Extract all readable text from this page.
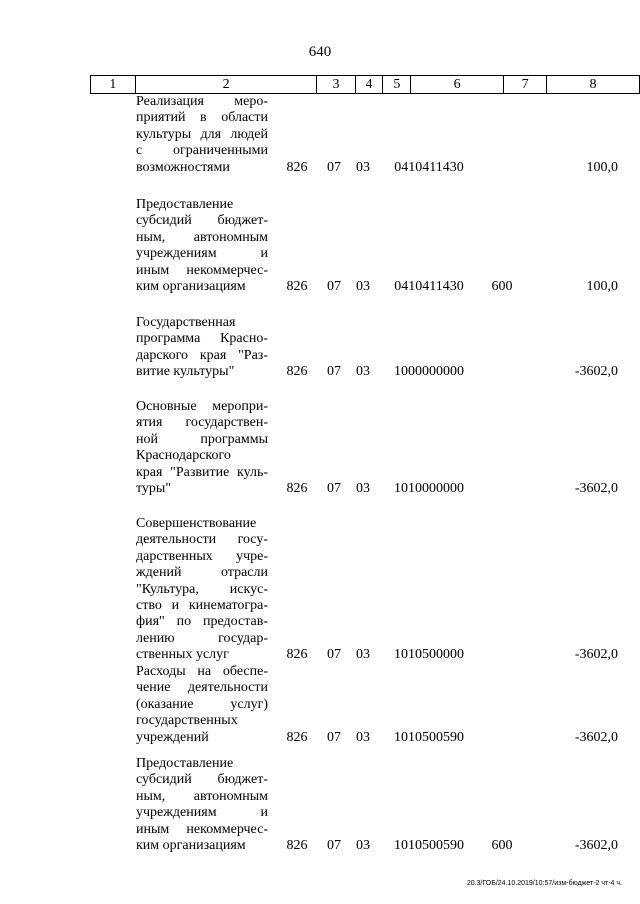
640
1	2	3	4	5	6	7	8
Реализация меро-
приятий в области
культуры для людей
с ограниченными
возможностями	826	07	03	0410411430	100,0
Предоставление
субсидий бюджет-
ным, автономным
учреждениям и
иным некоммерчес-
ким организациям	826	07	03	0410411430	600	100,0
Государственная
программа Красно-
дарского края "Раз-
витие культуры"	826	07	03	1000000000	-3602,0
Основные меропри-
ятия государствен-
ной программы
Краснодарского
края "Развитие куль-
туры"	826	07	03	1010000000	-3602,0
Совершенствование
деятельности госу-
дарственных учре-
ждений отрасли
"Культура, искус-
ство и кинематогра-
фия" по предостав-
лению государ-
ственных услуг	826	07	03	1010500000	-3602,0
Расходы на обеспе-
чение деятельности
(оказание услуг)
государственных
учреждений	826	07	03	1010500590	-3602,0
Предоставление
субсидий бюджет-
ным, автономным
учреждениям и
иным некоммерчес-
ким организациям	826	07	03	1010500590	600	-3602,0
20.3/ГОБ/24.10.2019/10:57/изм-бюджет-2 чт-4 ч.
